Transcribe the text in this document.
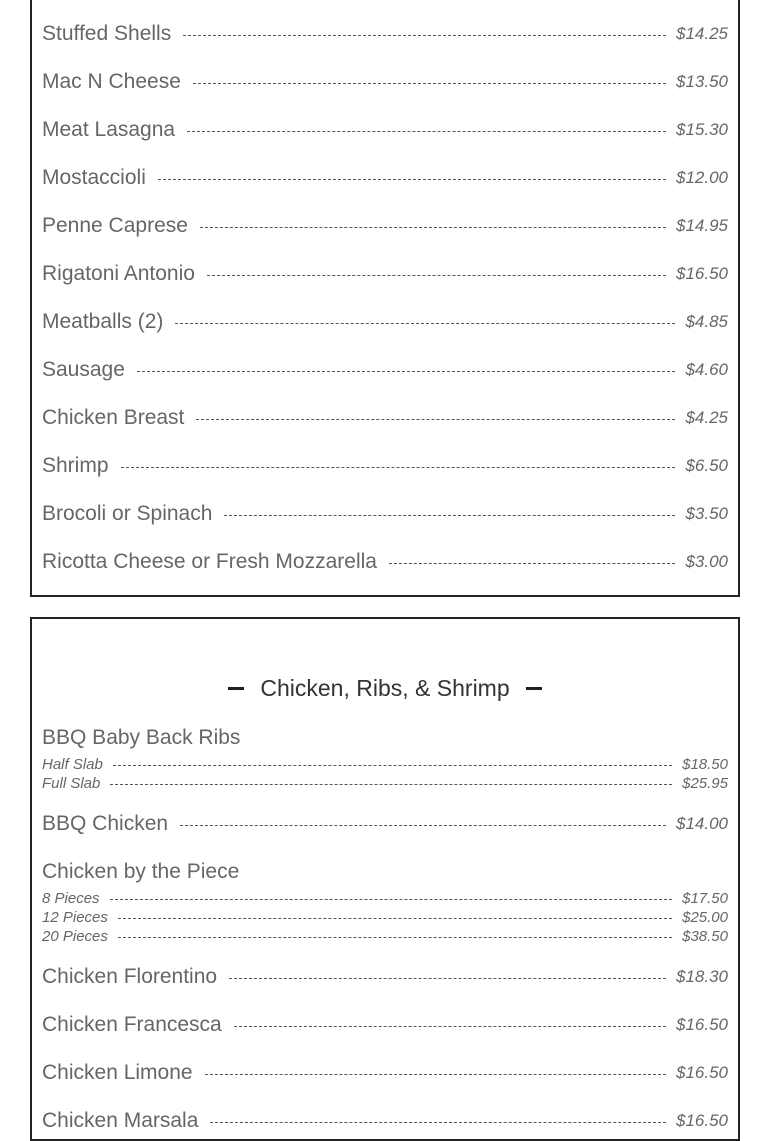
Stuffed Shells	$14.25
Mac N Cheese	$13.50
Meat Lasagna	$15.30
Mostaccioli	$12.00
Penne Caprese	$14.95
Rigatoni Antonio	$16.50
Meatballs (2)	$4.85
Sausage	$4.60
Chicken Breast	$4.25
Shrimp	$6.50
Brocoli or Spinach	$3.50
Ricotta Cheese or Fresh Mozzarella	$3.00
Chicken, Ribs, & Shrimp
BBQ Baby Back Ribs
Half Slab	$18.50
Full Slab	$25.95
BBQ Chicken	$14.00
Chicken by the Piece
8 Pieces	$17.50
12 Pieces	$25.00
20 Pieces	$38.50
Chicken Florentino	$18.30
Chicken Francesca	$16.50
Chicken Limone	$16.50
Chicken Marsala	$16.50
